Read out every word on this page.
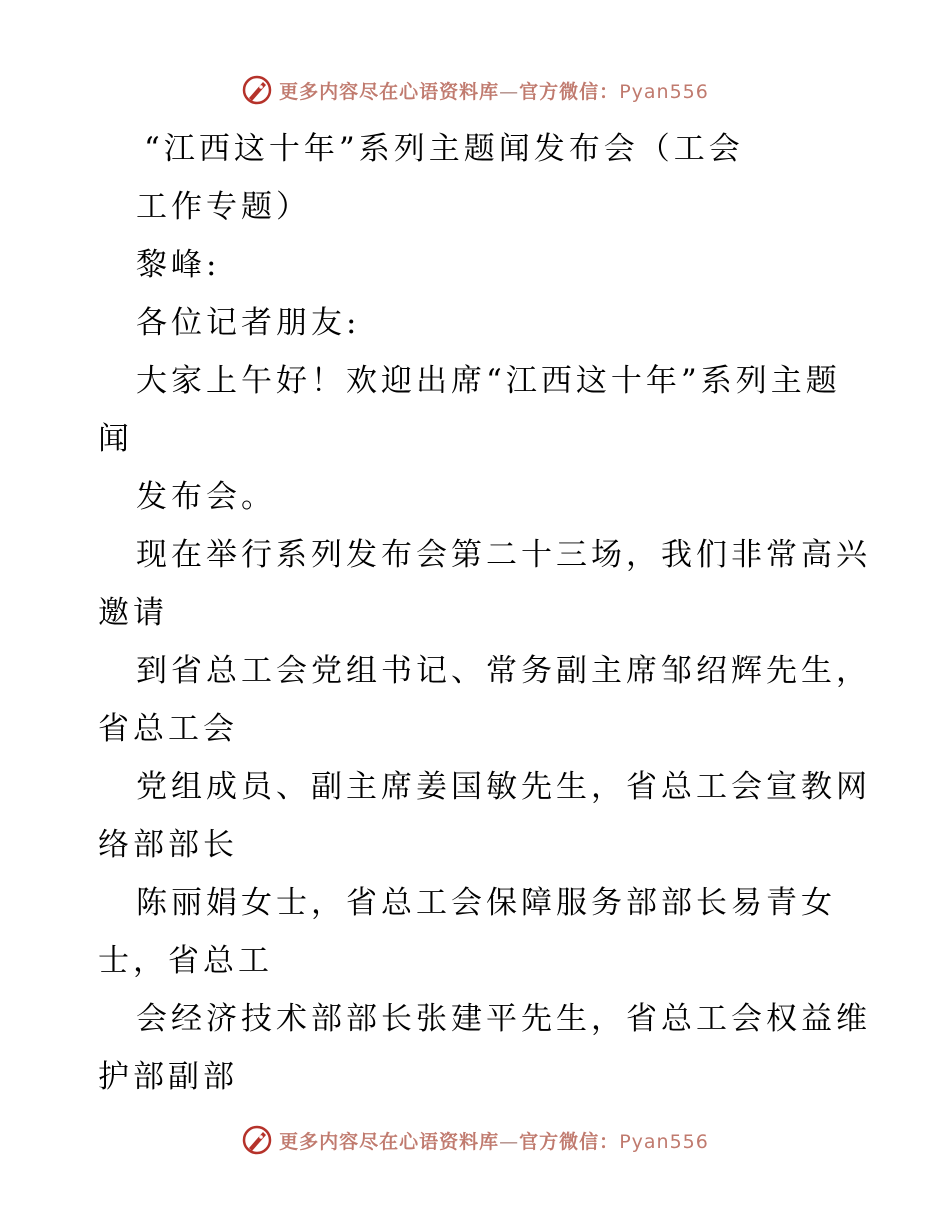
更多内容尽在心语资料库—官方微信：Pyan556

“江西这十年”系列主题闻发布会（工会

工作专题）

黎峰:

各位记者朋友:

大家上午好！欢迎出席“江西这十年”系列主题

闻

发布会。

现在举行系列发布会第二十三场，我们非常高兴

邀请

到省总工会党组书记、常务副主席邹绍辉先生，

省总工会

党组成员、副主席姜国敏先生，省总工会宣教网

络部部长

陈丽娟女士，省总工会保障服务部部长易青女

士，省总工

会经济技术部部长张建平先生，省总工会权益维

护部副部

更多内容尽在心语资料库—官方微信：Pyan556
